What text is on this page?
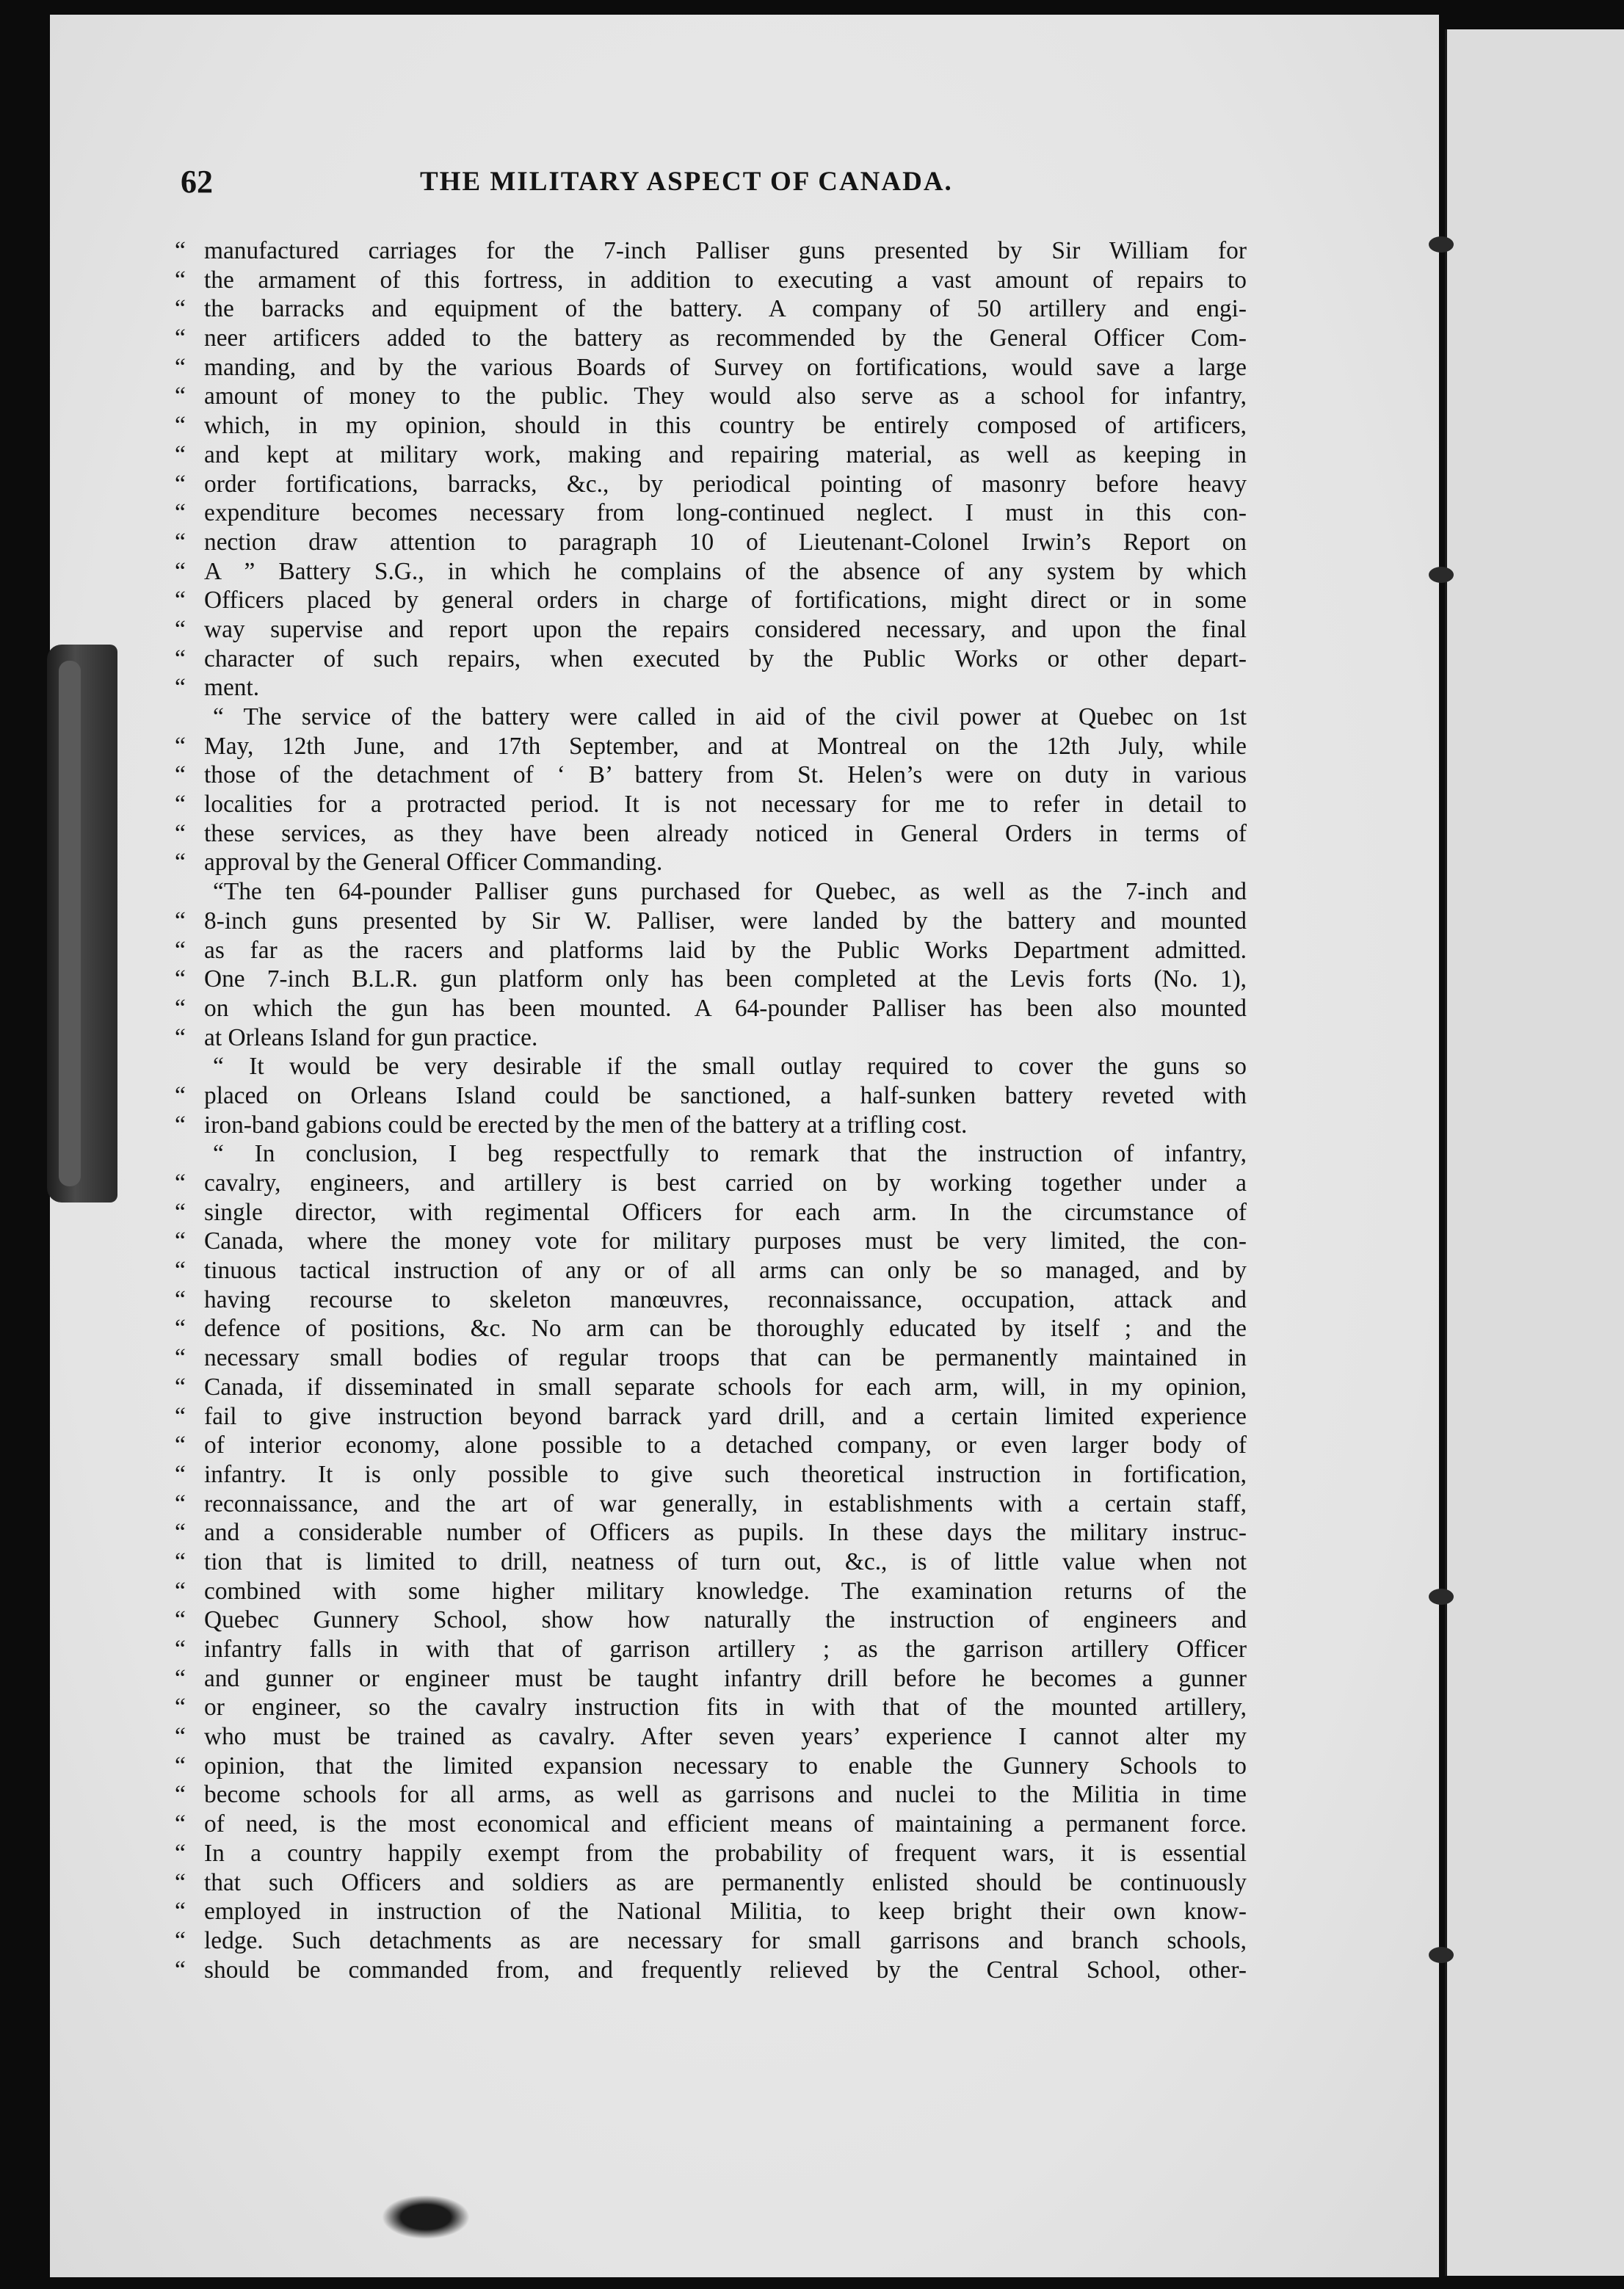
62	THE MILITARY ASPECT OF CANADA.
“ manufactured carriages for the 7-inch Palliser guns presented by Sir William for
“ the armament of this fortress, in addition to executing a vast amount of repairs to
“ the barracks and equipment of the battery. A company of 50 artillery and engi-
“ neer artificers added to the battery as recommended by the General Officer Com-
“ manding, and by the various Boards of Survey on fortifications, would save a large
“ amount of money to the public. They would also serve as a school for infantry,
“ which, in my opinion, should in this country be entirely composed of artificers,
“ and kept at military work, making and repairing material, as well as keeping in
“ order fortifications, barracks, &c., by periodical pointing of masonry before heavy
“ expenditure becomes necessary from long-continued neglect. I must in this con-
“ nection draw attention to paragraph 10 of Lieutenant-Colonel Irwin’s Report on
“ A ” Battery S.G., in which he complains of the absence of any system by which
“ Officers placed by general orders in charge of fortifications, might direct or in some
“ way supervise and report upon the repairs considered necessary, and upon the final
“ character of such repairs, when executed by the Public Works or other depart-
“ ment.
“ The service of the battery were called in aid of the civil power at Quebec on 1st
“ May, 12th June, and 17th September, and at Montreal on the 12th July, while
“ those of the detachment of ‘ B’ battery from St. Helen’s were on duty in various
“ localities for a protracted period. It is not necessary for me to refer in detail to
“ these services, as they have been already noticed in General Orders in terms of
“ approval by the General Officer Commanding.
“The ten 64-pounder Palliser guns purchased for Quebec, as well as the 7-inch and
“ 8-inch guns presented by Sir W. Palliser, were landed by the battery and mounted
“ as far as the racers and platforms laid by the Public Works Department admitted.
“ One 7-inch B.L.R. gun platform only has been completed at the Levis forts (No. 1),
“ on which the gun has been mounted. A 64-pounder Palliser has been also mounted
“ at Orleans Island for gun practice.
“ It would be very desirable if the small outlay required to cover the guns so
“ placed on Orleans Island could be sanctioned, a half-sunken battery reveted with
“ iron-band gabions could be erected by the men of the battery at a trifling cost.
“ In conclusion, I beg respectfully to remark that the instruction of infantry,
“ cavalry, engineers, and artillery is best carried on by working together under a
“ single director, with regimental Officers for each arm. In the circumstance of
“ Canada, where the money vote for military purposes must be very limited, the con-
“ tinuous tactical instruction of any or of all arms can only be so managed, and by
“ having recourse to skeleton manœuvres, reconnaissance, occupation, attack and
“ defence of positions, &c. No arm can be thoroughly educated by itself ; and the
“ necessary small bodies of regular troops that can be permanently maintained in
“ Canada, if disseminated in small separate schools for each arm, will, in my opinion,
“ fail to give instruction beyond barrack yard drill, and a certain limited experience
“ of interior economy, alone possible to a detached company, or even larger body of
“ infantry. It is only possible to give such theoretical instruction in fortification,
“ reconnaissance, and the art of war generally, in establishments with a certain staff,
“ and a considerable number of Officers as pupils. In these days the military instruc-
“ tion that is limited to drill, neatness of turn out, &c., is of little value when not
“ combined with some higher military knowledge. The examination returns of the
“ Quebec Gunnery School, show how naturally the instruction of engineers and
“ infantry falls in with that of garrison artillery ; as the garrison artillery Officer
“ and gunner or engineer must be taught infantry drill before he becomes a gunner
“ or engineer, so the cavalry instruction fits in with that of the mounted artillery,
“ who must be trained as cavalry. After seven years’ experience I cannot alter my
“ opinion, that the limited expansion necessary to enable the Gunnery Schools to
“ become schools for all arms, as well as garrisons and nuclei to the Militia in time
“ of need, is the most economical and efficient means of maintaining a permanent force.
“ In a country happily exempt from the probability of frequent wars, it is essential
“ that such Officers and soldiers as are permanently enlisted should be continuously
“ employed in instruction of the National Militia, to keep bright their own know-
“ ledge. Such detachments as are necessary for small garrisons and branch schools,
“ should be commanded from, and frequently relieved by the Central School, other-
